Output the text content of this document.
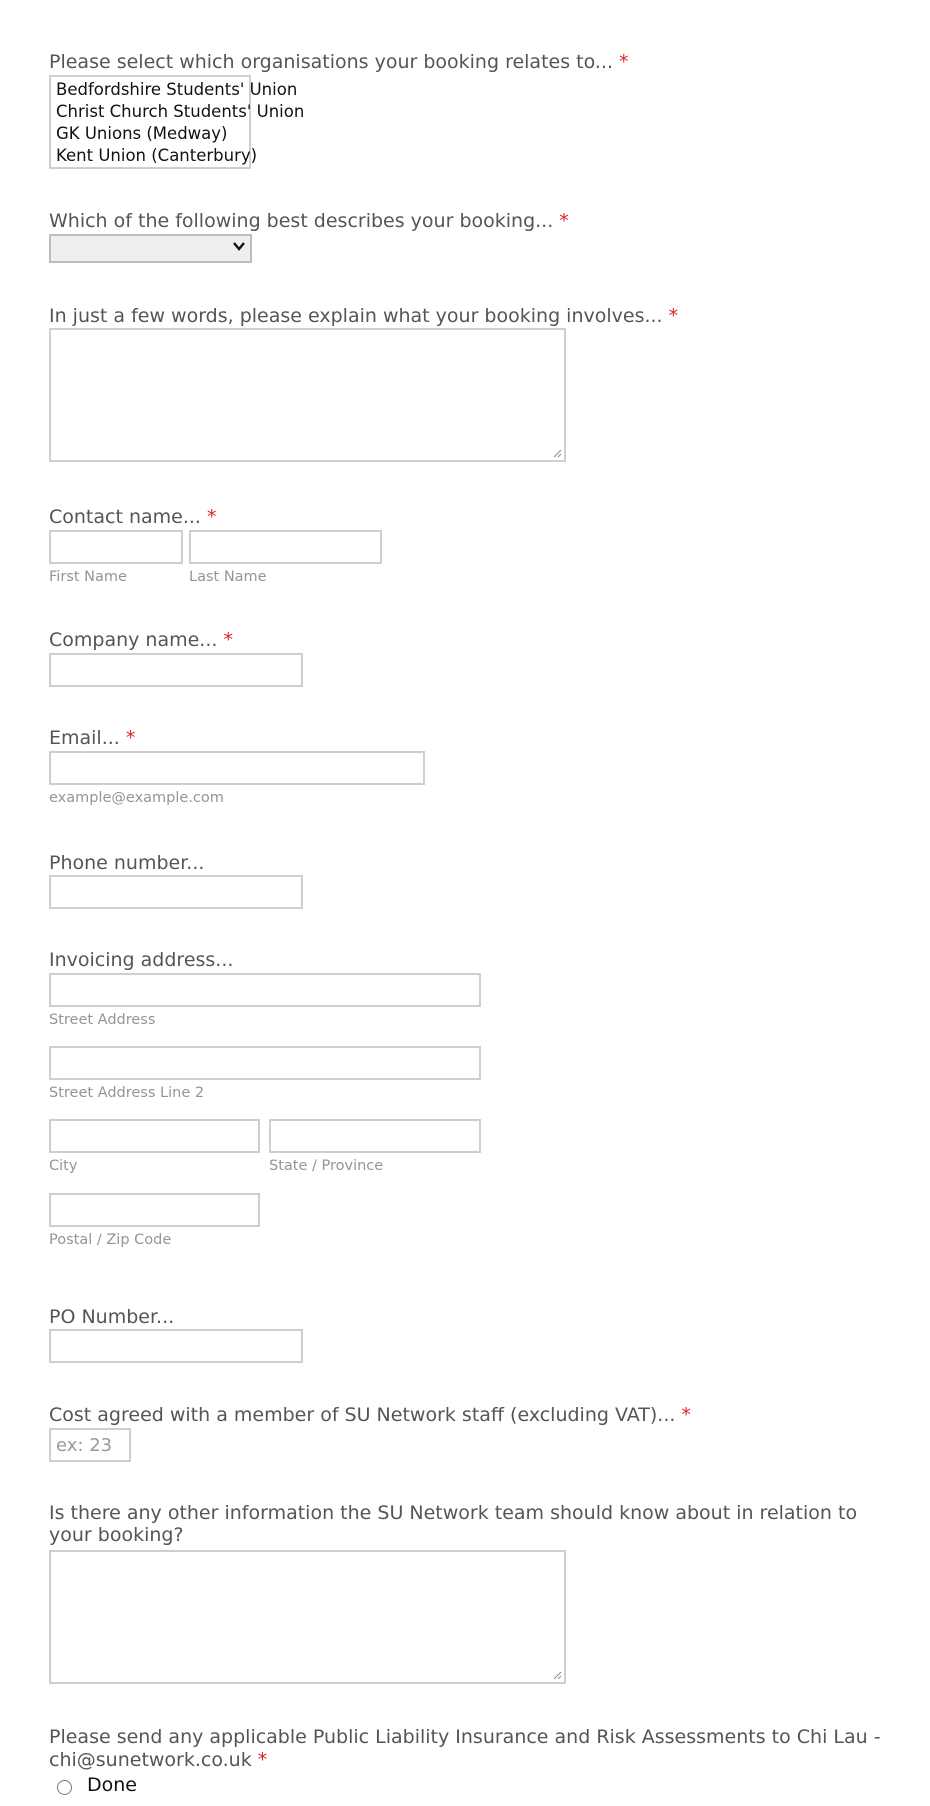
Please select which organisations your booking relates to... *
Bedfordshire Students' Union
Christ Church Students' Union
GK Unions (Medway)
Kent Union (Canterbury)
Which of the following best describes your booking... *
In just a few words, please explain what your booking involves... *
Contact name... *
First Name	Last Name
Company name... *
Email... *
example@example.com
Phone number...
Invoicing address...
Street Address
Street Address Line 2
City	State / Province
Postal / Zip Code
PO Number...
Cost agreed with a member of SU Network staff (excluding VAT)... *
ex: 23
Is there any other information the SU Network team should know about in relation to
your booking?
Please send any applicable Public Liability Insurance and Risk Assessments to Chi Lau -
chi@sunetwork.co.uk *
Done
